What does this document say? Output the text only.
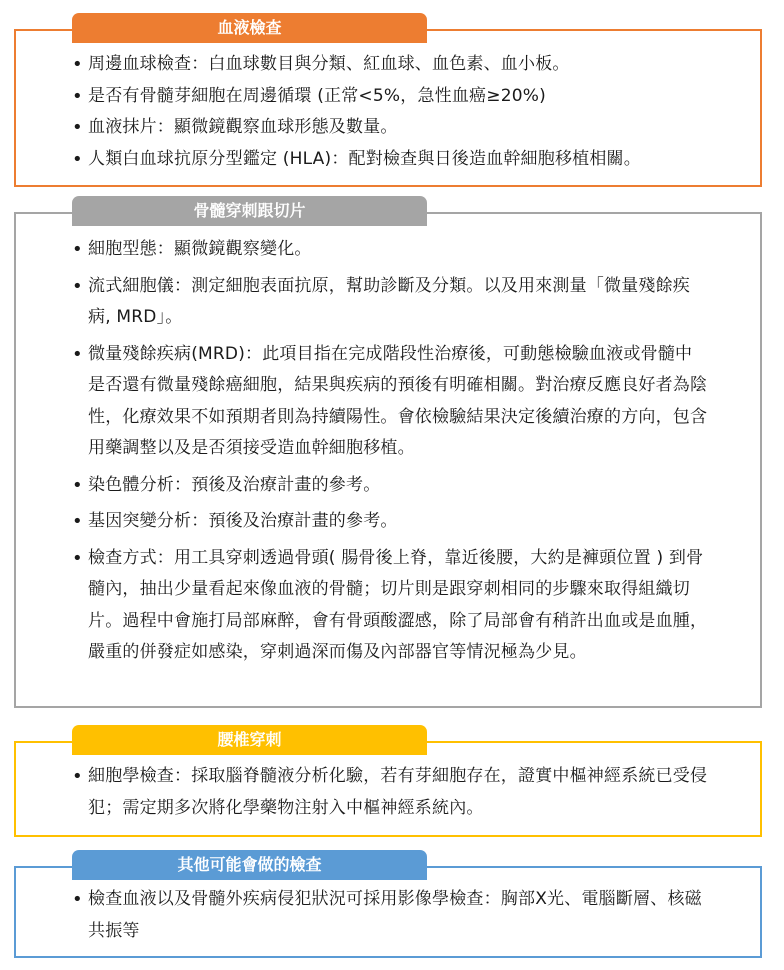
血液檢查
• 周邊血球檢查：白血球數目與分類、紅血球、血色素、血小板。
• 是否有骨髓芽細胞在周邊循環 (正常<5%，急性血癌≥20%)
• 血液抹片：顯微鏡觀察血球形態及數量。
• 人類白血球抗原分型鑑定 (HLA)：配對檢查與日後造血幹細胞移植相關。
骨髓穿刺跟切片
• 細胞型態：顯微鏡觀察變化。
• 流式細胞儀：測定細胞表面抗原，幫助診斷及分類。以及用來測量「微量殘餘疾病, MRD」。
• 微量殘餘疾病(MRD)：此項目指在完成階段性治療後，可動態檢驗血液或骨髓中是否還有微量殘餘癌細胞，結果與疾病的預後有明確相關。對治療反應良好者為陰性，化療效果不如預期者則為持續陽性。會依檢驗結果決定後續治療的方向，包含用藥調整以及是否須接受造血幹細胞移植。
• 染色體分析：預後及治療計畫的參考。
• 基因突變分析：預後及治療計畫的參考。
• 檢查方式：用工具穿刺透過骨頭( 腸骨後上脊，靠近後腰，大約是褲頭位置 ) 到骨髓內，抽出少量看起來像血液的骨髓；切片則是跟穿刺相同的步驟來取得組織切片。過程中會施打局部麻醉，會有骨頭酸澀感，除了局部會有稍許出血或是血腫，嚴重的併發症如感染，穿刺過深而傷及內部器官等情況極為少見。
腰椎穿刺
• 細胞學檢查：採取腦脊髓液分析化驗，若有芽細胞存在，證實中樞神經系統已受侵犯；需定期多次將化學藥物注射入中樞神經系統內。
其他可能會做的檢查
• 檢查血液以及骨髓外疾病侵犯狀況可採用影像學檢查：胸部X光、電腦斷層、核磁共振等
